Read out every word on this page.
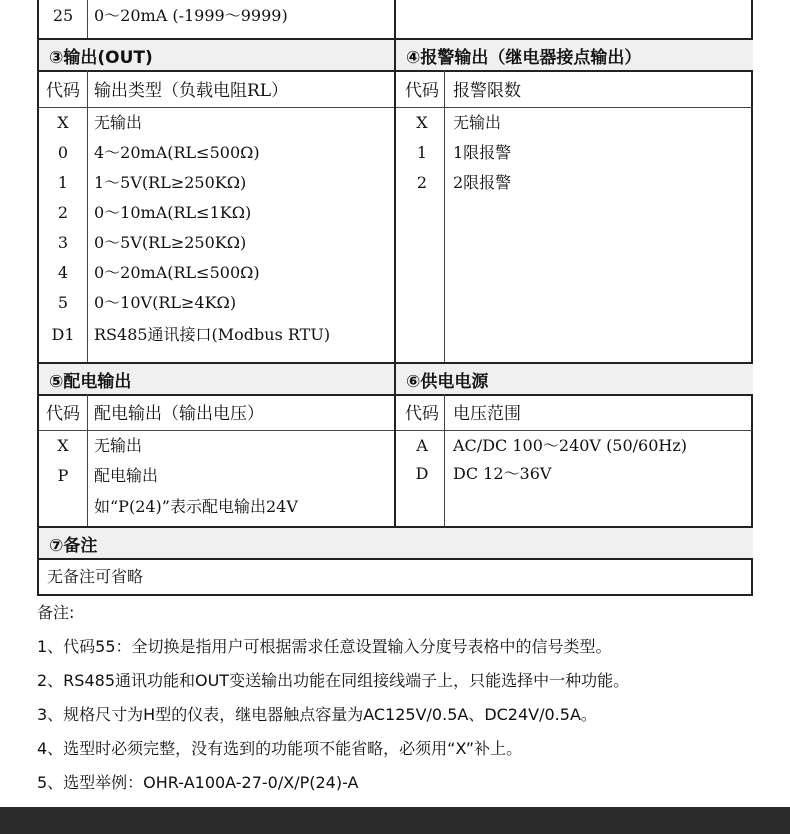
25	0～20mA (-1999～9999)
③输出(OUT)	④报警输出（继电器接点输出）
代码 输出类型（负载电阻RL）	代码 报警限数
X	无输出
0	4～20mA(RL≤500Ω)
1	1～5V(RL≥250KΩ)
2	0～10mA(RL≤1KΩ)
3	0～5V(RL≥250KΩ)
4	0～20mA(RL≤500Ω)
5	0～10V(RL≥4KΩ)
D1	RS485通讯接口(Modbus RTU)
X	无输出
1	1限报警
2	2限报警
⑤配电输出	⑥供电电源
代码 配电输出（输出电压）	代码 电压范围
X	无输出
P	配电输出
如“P(24)”表示配电输出24V
A	AC/DC 100～240V (50/60Hz)
D	DC 12～36V
⑦备注
无备注可省略
备注:
1、代码55：全切换是指用户可根据需求任意设置输入分度号表格中的信号类型。
2、RS485通讯功能和OUT变送输出功能在同组接线端子上，只能选择中一种功能。
3、规格尺寸为H型的仪表，继电器触点容量为AC125V/0.5A、DC24V/0.5A。
4、选型时必须完整，没有选到的功能项不能省略，必须用“X”补上。
5、选型举例：OHR-A100A-27-0/X/P(24)-A
